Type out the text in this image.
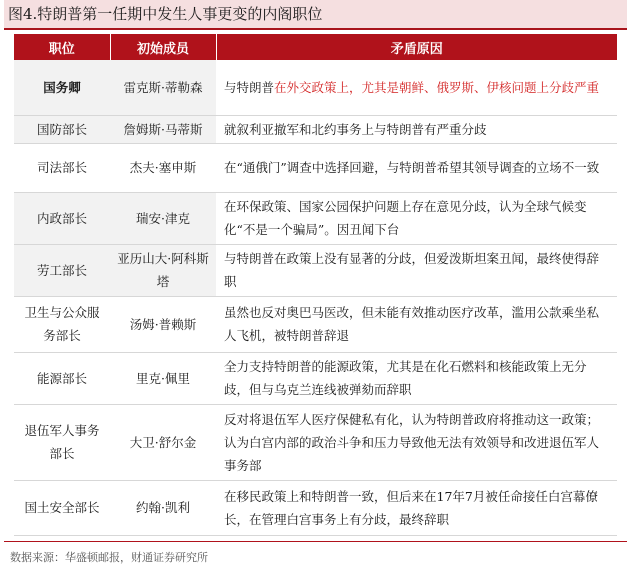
图4.特朗普第一任期中发生人事更变的内阁职位
职位	初始成员	矛盾原因
国务卿	雷克斯·蒂勒森	与特朗普在外交政策上，尤其是朝鲜、俄罗斯、伊核问题上分歧严重
国防部长	詹姆斯·马蒂斯	就叙利亚撤军和北约事务上与特朗普有严重分歧
司法部长	杰夫·塞申斯	在“通俄门”调查中选择回避，与特朗普希望其领导调查的立场不一致
内政部长	瑞安·津克	在环保政策、国家公园保护问题上存在意见分歧，认为全球气候变化“不是一个骗局”。因丑闻下台
劳工部长	亚历山大·阿科斯塔	与特朗普在政策上没有显著的分歧，但爱泼斯坦案丑闻，最终使得辞职
卫生与公众服务部长	汤姆·普赖斯	虽然也反对奥巴马医改，但未能有效推动医疗改革，滥用公款乘坐私人飞机，被特朗普辞退
能源部长	里克·佩里	全力支持特朗普的能源政策，尤其是在化石燃料和核能政策上无分歧，但与乌克兰连线被弹劾而辞职
退伍军人事务部长	大卫·舒尔金	反对将退伍军人医疗保健私有化，认为特朗普政府将推动这一政策；认为白宫内部的政治斗争和压力导致他无法有效领导和改进退伍军人事务部
国土安全部长	约翰·凯利	在移民政策上和特朗普一致，但后来在17年7月被任命接任白宫幕僚长，在管理白宫事务上有分歧，最终辞职
数据来源：华盛顿邮报，财通证券研究所
